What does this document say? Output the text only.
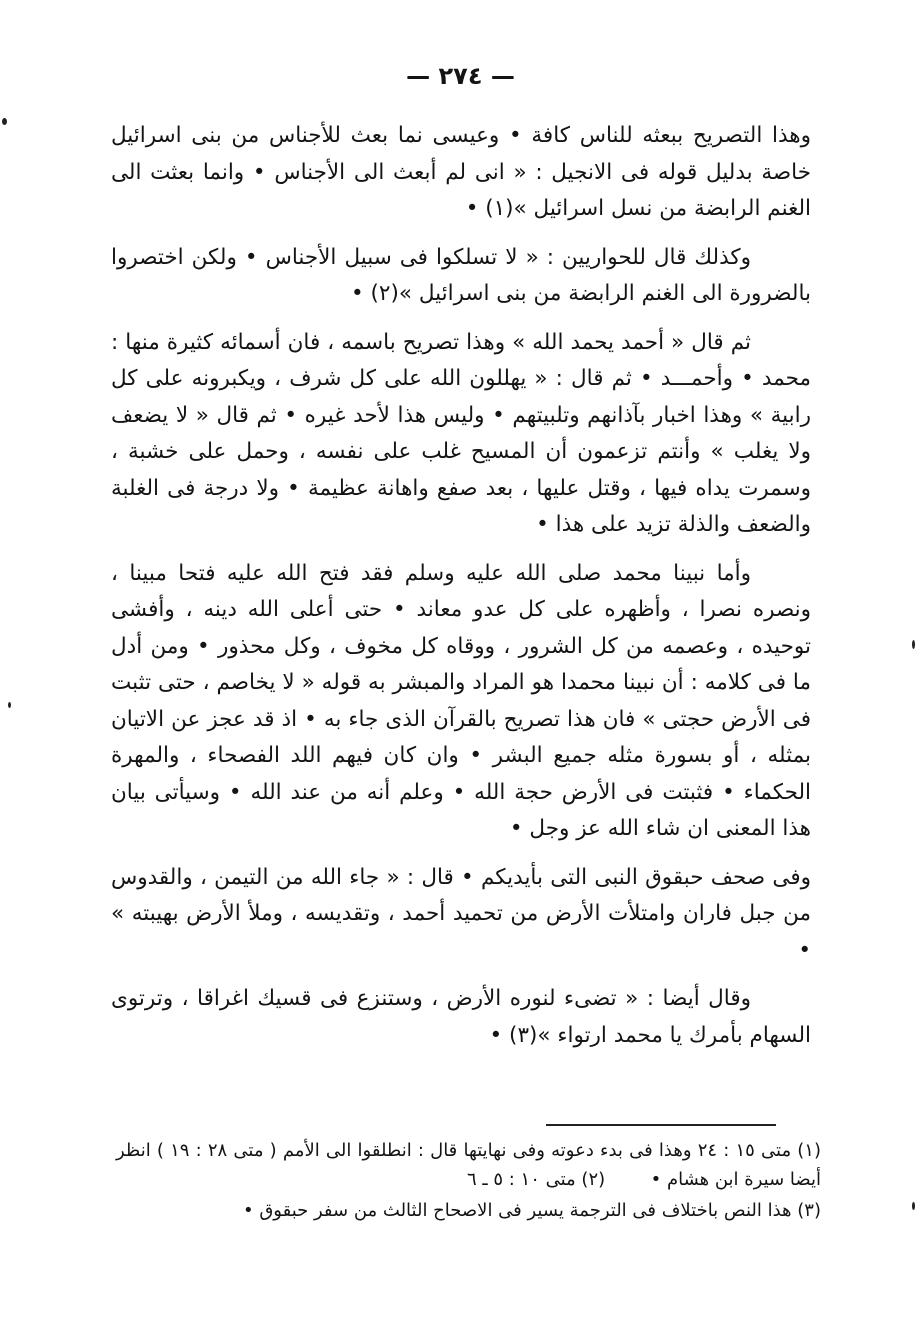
— ٢٧٤ —

وهذا التصريح ببعثه للناس كافة • وعيسى نما بعث للأجناس من بنى اسرائيل خاصة بدليل قوله فى الانجيل : « انى لم أبعث الى الأجناس • وانما بعثت الى الغنم الرابضة من نسل اسرائيل »(١) •

وكذلك قال للحواريين : « لا تسلكوا فى سبيل الأجناس • ولكن اختصروا بالضرورة الى الغنم الرابضة من بنى اسرائيل »(٢) •

ثم قال « أحمد يحمد الله » وهذا تصريح باسمه ، فان أسمائه كثيرة منها : محمد • وأحمـــد • ثم قال : « يهللون الله على كل شرف ، ويكبرونه على كل رابية » وهذا اخبار بآذانهم وتلبيتهم • وليس هذا لأحد غيره • ثم قال « لا يضعف ولا يغلب » وأنتم تزعمون أن المسيح غلب على نفسه ، وحمل على خشبة ، وسمرت يداه فيها ، وقتل عليها ، بعد صفع واهانة عظيمة • ولا درجة فى الغلبة والضعف والذلة تزيد على هذا •

وأما نبينا محمد صلى الله عليه وسلم فقد فتح الله عليه فتحا مبينا ، ونصره نصرا ، وأظهره على كل عدو معاند • حتى أعلى الله دينه ، وأفشى توحيده ، وعصمه من كل الشرور ، ووقاه كل مخوف ، وكل محذور • ومن أدل ما فى كلامه : أن نبينا محمدا هو المراد والمبشر به قوله « لا يخاصم ، حتى تثبت فى الأرض حجتى » فان هذا تصريح بالقرآن الذى جاء به • اذ قد عجز عن الاتيان بمثله ، أو بسورة مثله جميع البشر • وان كان فيهم اللد الفصحاء ، والمهرة الحكماء • فثبتت فى الأرض حجة الله • وعلم أنه من عند الله • وسيأتى بيان هذا المعنى ان شاء الله عز وجل •

وفى صحف حبقوق النبى التى بأيديكم • قال : « جاء الله من التيمن ، والقدوس من جبل فاران وامتلأت الأرض من تحميد أحمد ، وتقديسه ، وملأ الأرض بهيبته » •

وقال أيضا : « تضىء لنوره الأرض ، وستنزع فى قسيك اغراقا ، وترتوى السهام بأمرك يا محمد ارتواء »(٣) •

(١) متى ١٥ : ٢٤ وهذا فى بدء دعوته وفى نهايتها قال : انطلقوا الى الأمم ( متى ٢٨ : ١٩ ) انظر أيضا سيرة ابن هشام •  (٢) متى ١٠ : ٥ ـ ٦

(٣) هذا النص باختلاف فى الترجمة يسير فى الاصحاح الثالث من سفر حبقوق •
